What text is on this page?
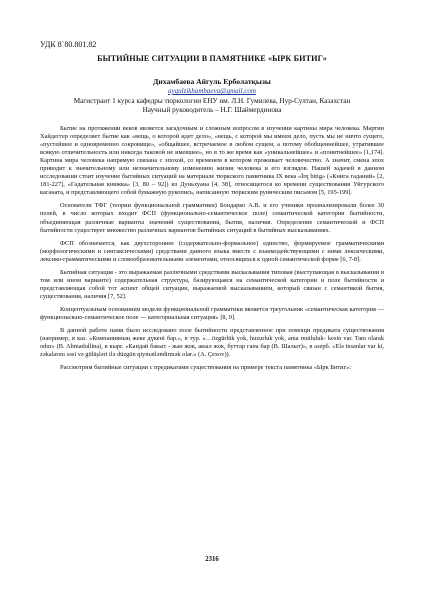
УДК 8`80.801.82
БЫТИЙНЫЕ СИТУАЦИИ В ПАМЯТНИКЕ «ЫРК БИТИГ»
Дихамбаева Айгуль Ерболатқызы
aygulzikhambaeva@gmail.com
Магистрант 1 курса кафедры тюркологии ЕНУ им. Л.Н. Гумилева, Нур-Султан, Казахстан
Научный руководитель – Н.Г. Шаймердинова

Бытие на протяжении веков является загадочным и сложным вопросом в изучении картины мира человека. Мартин Хайдеггер определяет бытие как «вещь, о которой идет дело», «вещь, с которой мы имеем дело, пусть мы не ничто сущего, «пустейшее и одновременно сокровище», «общайшее, встречаемое в любом сущем, а потому обобщеннейшее, утратившее всякую отличительность или никогда таковой не имевшее», но в то же время как «уникальнейшее» и «понятнейшее» [1,174]. Картина мира человека напрямую связана с эпохой, со временем в котором проживает человечество. А значит, смена эпох приводит к значительному или незначительному изменению жизни человека и его взглядов. Нашей задачей в данном исследовании стоит изучение бытийных ситуаций на материале тюркского памятника IX века «Ïrq bitig» («Книга гаданий» [2, 181-227], «Гадательная книжка» [3, 80 – 92]) из Дуньхуана [4, 38], относящегося ко времени существования Уйгурского каганата, и представляющего собой бумажную рукопись, написанную тюркским руническим письмом [5, 195-199].

Основатели ТФГ (теории функциональной грамматики) Бондарко А.В. и его ученики проанализировали более 30 полей, в число которых входит ФСП (функционально-семантическое поле) семантической категории бытийности, объединяющая различные варианты значений существования, бытия, наличия. Определение семантической и ФСП бытийности существует множество различных вариантов бытийных ситуаций в бытийных высказываниях.

ФСП обозначается, как двухстороннее (содержательно-формальное) единство, формируемое грамматическими (морфологическими и синтаксическими) средствами данного языка вместе с взаимодействующими с ними лексическими, лексико-грамматическими и словообразовательными элементами, относящихся к одной семантической форме [6, 7-8].

Бытийная ситуация - это выражаемая различными средствами высказывания типовая (выступающая в высказывании в том или ином варианте) содержательная структура, базирующаяся на семантической категории и поле бытийности и представляющая собой тот аспект общей ситуации, выражаемой высказыванием, который связан с семантикой бытия, существования, наличия [7, 52].

Концептуальным основанием модели функциональной грамматики является треугольник «семантическая категория — функционально-семантическое поле — категориальная ситуация» [8, 9].

В данной работе нами было исследовано поле бытийности представленное при помощи предиката существования (например, в каз. «Компанияның жеке дүкені бар.», в тур. «…özgürlük yok, huzurluk yok, ama mutluluk- kesin var. Tam olarak odur» (B. Ahmadullina), в кырг. «Кандай бакыт - жан жок, акыл жок, буттар гана бар (В. Шалыт)», в азерб. «Elə insanlar var ki, zəkalarını səsi və gülüşləri ilə düzgün qiymətləndirmək olar.» (A. Çexov)).

Рассмотрим бытийные ситуации с предикатами существования на примере текста памятника «Ырк Битиг»:

2316
